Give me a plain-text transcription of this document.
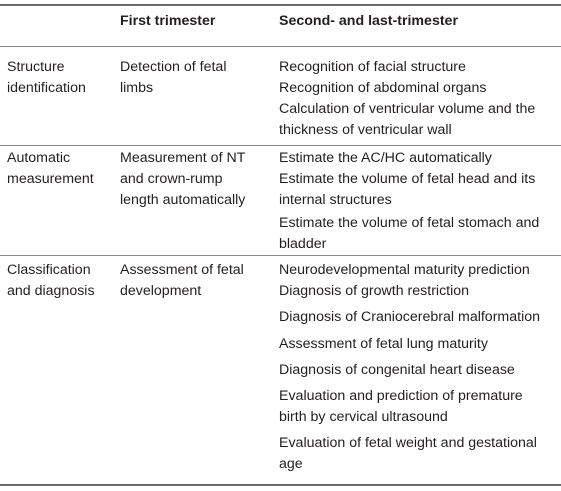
First trimester	Second- and last-trimester
Structure
identification
Detection of fetal
limbs
Recognition of facial structure
Recognition of abdominal organs
Calculation of ventricular volume and the
thickness of ventricular wall
Automatic
measurement
Measurement of NT
and crown-rump
length automatically
Estimate the AC/HC automatically
Estimate the volume of fetal head and its
internal structures
Estimate the volume of fetal stomach and
bladder
Classification
and diagnosis
Assessment of fetal
development
Neurodevelopmental maturity prediction
Diagnosis of growth restriction
Diagnosis of Craniocerebral malformation
Assessment of fetal lung maturity
Diagnosis of congenital heart disease
Evaluation and prediction of premature
birth by cervical ultrasound
Evaluation of fetal weight and gestational
age
